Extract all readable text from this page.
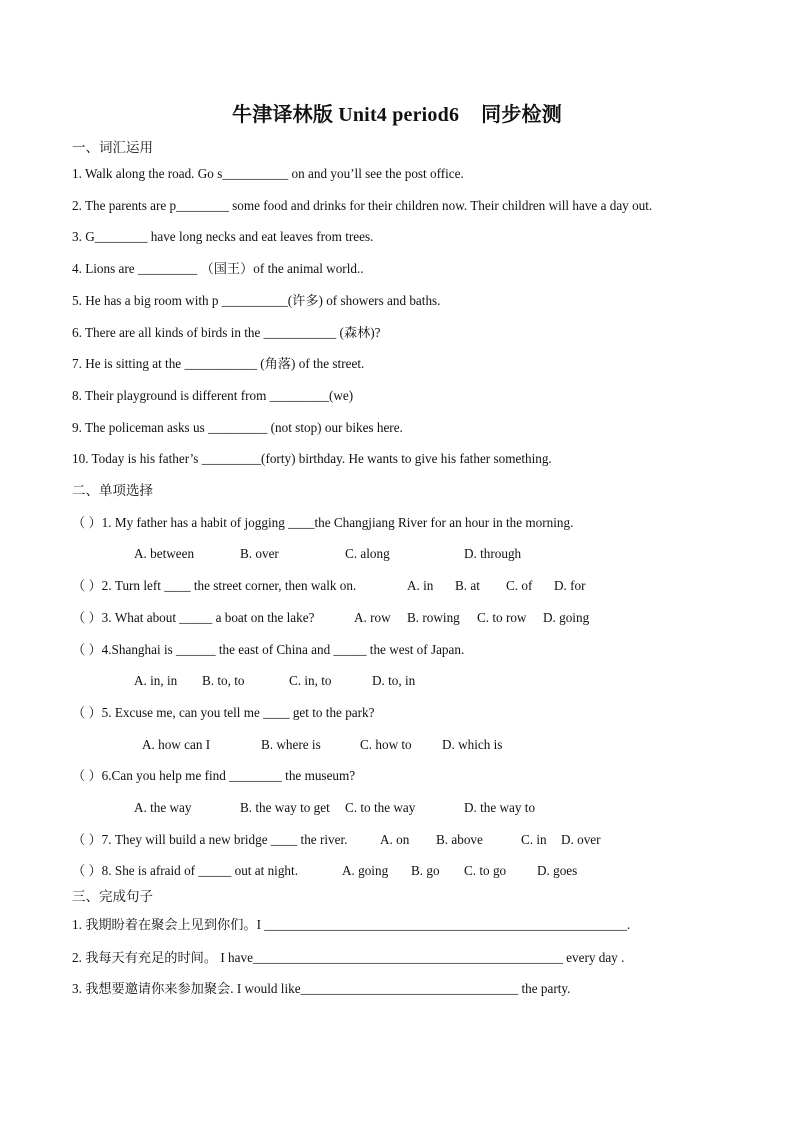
牛津译林版 Unit4 period6 同步检测
一、词汇运用
1. Walk along the road. Go s__________ on and you’ll see the post office.
2. The parents are p________ some food and drinks for their children now. Their children will have a day out.
3. G________ have long necks and eat leaves from trees.
4. Lions are _________ （国王）of the animal world..
5. He has a big room with p __________(许多) of showers and baths.
6. There are all kinds of birds in the ___________ (森林)?
7. He is sitting at the ___________ (角落) of the street.
8. Their playground is different from _________(we)
9. The policeman asks us _________ (not stop) our bikes here.
10. Today is his father’s _________(forty) birthday. He wants to give his father something.
二、单项选择
（ ）1. My father has a habit of jogging ____the Changjiang River for an hour in the morning.
A. between	B. over	C. along	D. through
（ ）2. Turn left ____ the street corner, then walk on.	A. in B. at C. of D. for
（ ）3. What about _____ a boat on the lake?	A. row B. rowing C. to row D. going
（ ）4.Shanghai is ______ the east of China and _____ the west of Japan.
A. in, in B. to, to	C. in, to	D. to, in
（ ）5. Excuse me, can you tell me ____ get to the park?
A. how can I	B. where is	C. how to D. which is
（ ）6.Can you help me find ________ the museum?
A. the way	B. the way to get C. to the way	D. the way to
（ ）7. They will build a new bridge ____ the river. A. on B. above	C. in D. over
（ ）8. She is afraid of _____ out at night.	A. going B. go C. to go D. goes
三、完成句子
1. 我期盼着在聚会上见到你们。I _______________________________________________________.
2. 我每天有充足的时间。 I have_______________________________________________ every day .
3. 我想要邀请你来参加聚会. I would like_________________________________ the party.
